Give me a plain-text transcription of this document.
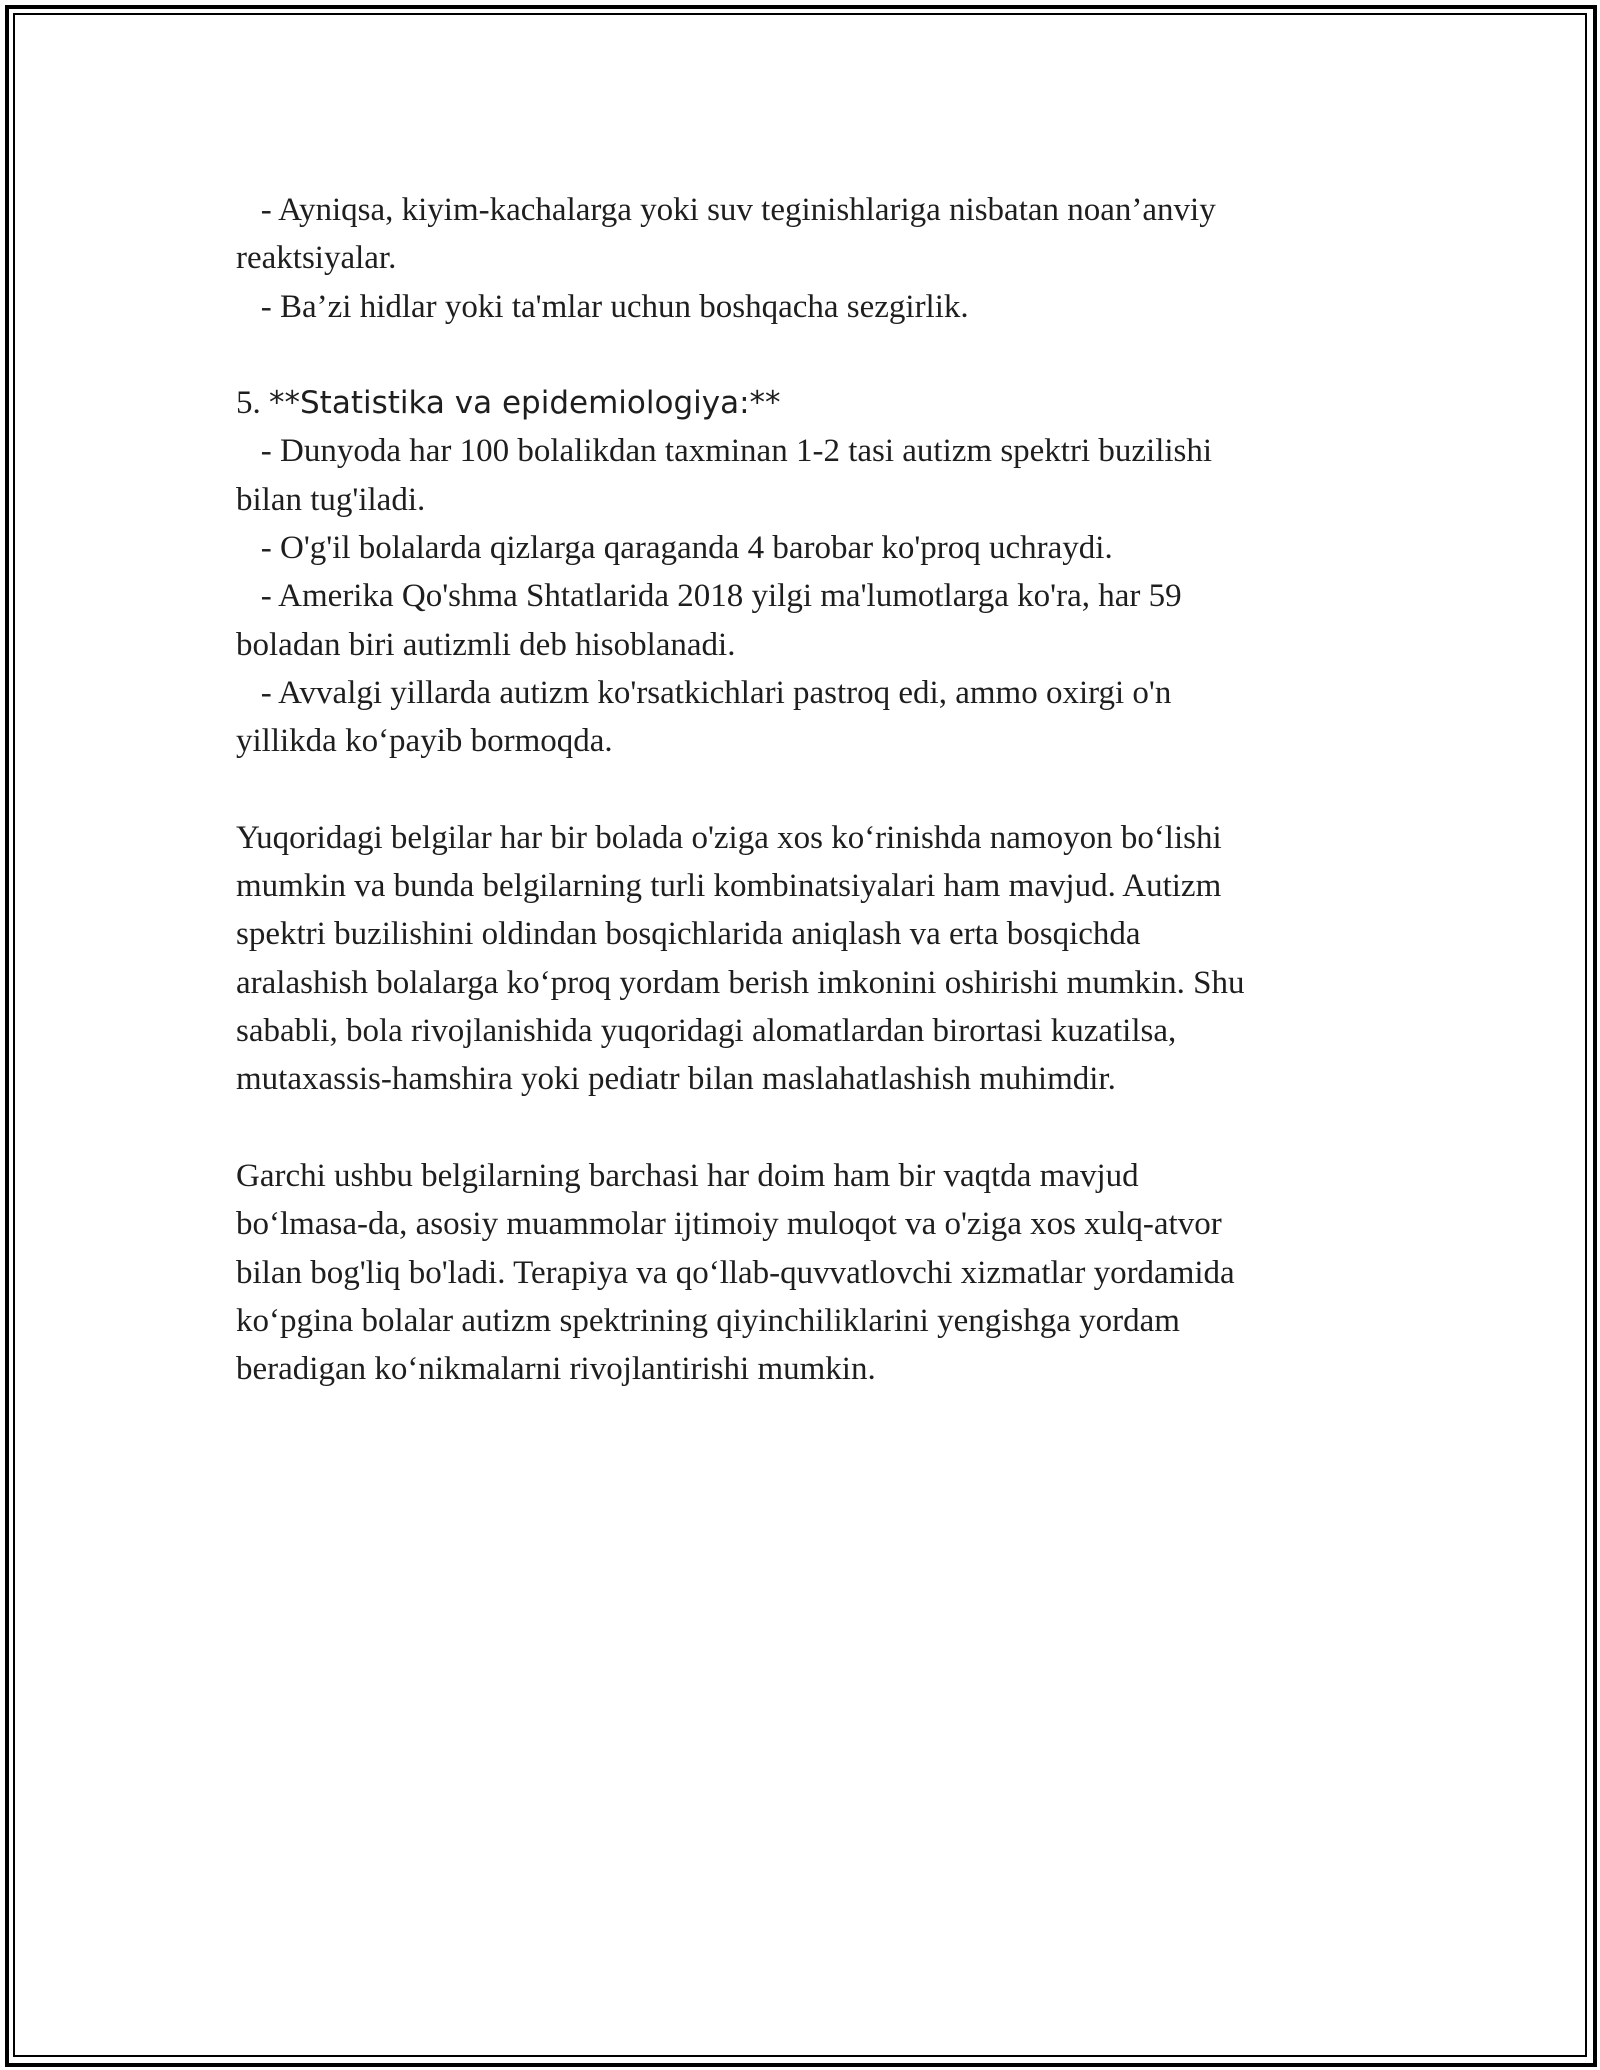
- Ayniqsa, kiyim-kachalarga yoki suv teginishlariga nisbatan noan’anviy
reaktsiyalar.
- Ba’zi hidlar yoki ta'mlar uchun boshqacha sezgirlik.
5. **Statistika va epidemiologiya:**
- Dunyoda har 100 bolalikdan taxminan 1-2 tasi autizm spektri buzilishi
bilan tug'iladi.
- O'g'il bolalarda qizlarga qaraganda 4 barobar ko'proq uchraydi.
- Amerika Qo'shma Shtatlarida 2018 yilgi ma'lumotlarga ko'ra, har 59
boladan biri autizmli deb hisoblanadi.
- Avvalgi yillarda autizm ko'rsatkichlari pastroq edi, ammo oxirgi o'n
yillikda ko‘payib bormoqda.
Yuqoridagi belgilar har bir bolada o'ziga xos ko‘rinishda namoyon bo‘lishi
mumkin va bunda belgilarning turli kombinatsiyalari ham mavjud. Autizm
spektri buzilishini oldindan bosqichlarida aniqlash va erta bosqichda
aralashish bolalarga ko‘proq yordam berish imkonini oshirishi mumkin. Shu
sababli, bola rivojlanishida yuqoridagi alomatlardan birortasi kuzatilsa,
mutaxassis-hamshira yoki pediatr bilan maslahatlashish muhimdir.
Garchi ushbu belgilarning barchasi har doim ham bir vaqtda mavjud
bo‘lmasa-da, asosiy muammolar ijtimoiy muloqot va o'ziga xos xulq-atvor
bilan bog'liq bo'ladi. Terapiya va qo‘llab-quvvatlovchi xizmatlar yordamida
ko‘pgina bolalar autizm spektrining qiyinchiliklarini yengishga yordam
beradigan ko‘nikmalarni rivojlantirishi mumkin.
